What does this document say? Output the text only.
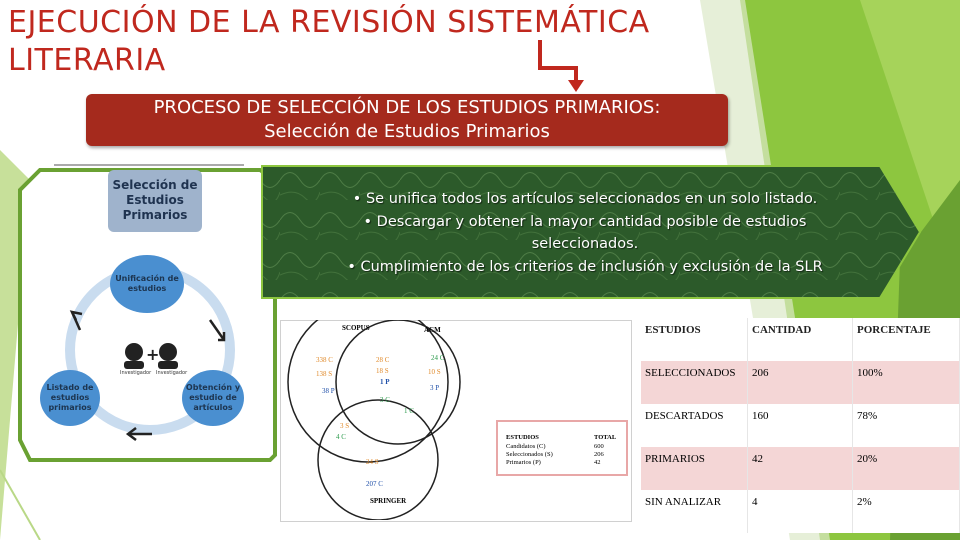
EJECUCIÓN DE LA REVISIÓN SISTEMÁTICA
LITERARIA
PROCESO DE SELECCIÓN DE LOS ESTUDIOS PRIMARIOS:
Selección de Estudios Primarios
• Se unifica todos los artículos seleccionados en un solo listado.
• Descargar y obtener la mayor cantidad posible de estudios
seleccionados.
• Cumplimiento de los criterios de inclusión y exclusión de la SLR
Selección de Estudios Primarios
+
Investigador Investigador
Unificación de estudios
Listado de estudios primarios
Obtención y estudio de artículos
SCOPUS	ACM
SPRINGER
338 C
138 S
38 P
28 C
18 S
1 P
24 C
10 S
3 P
3 C
1 C
3 S
4 C
24 S
207 C
ESTUDIOS	TOTAL
Candidatos (C)	600
Seleccionados (S)	206
Primarios (P)	42
ESTUDIOS	CANTIDAD	PORCENTAJE
SELECCIONADOS	206	100%
DESCARTADOS	160	78%
PRIMARIOS	42	20%
SIN ANALIZAR	4	2%
